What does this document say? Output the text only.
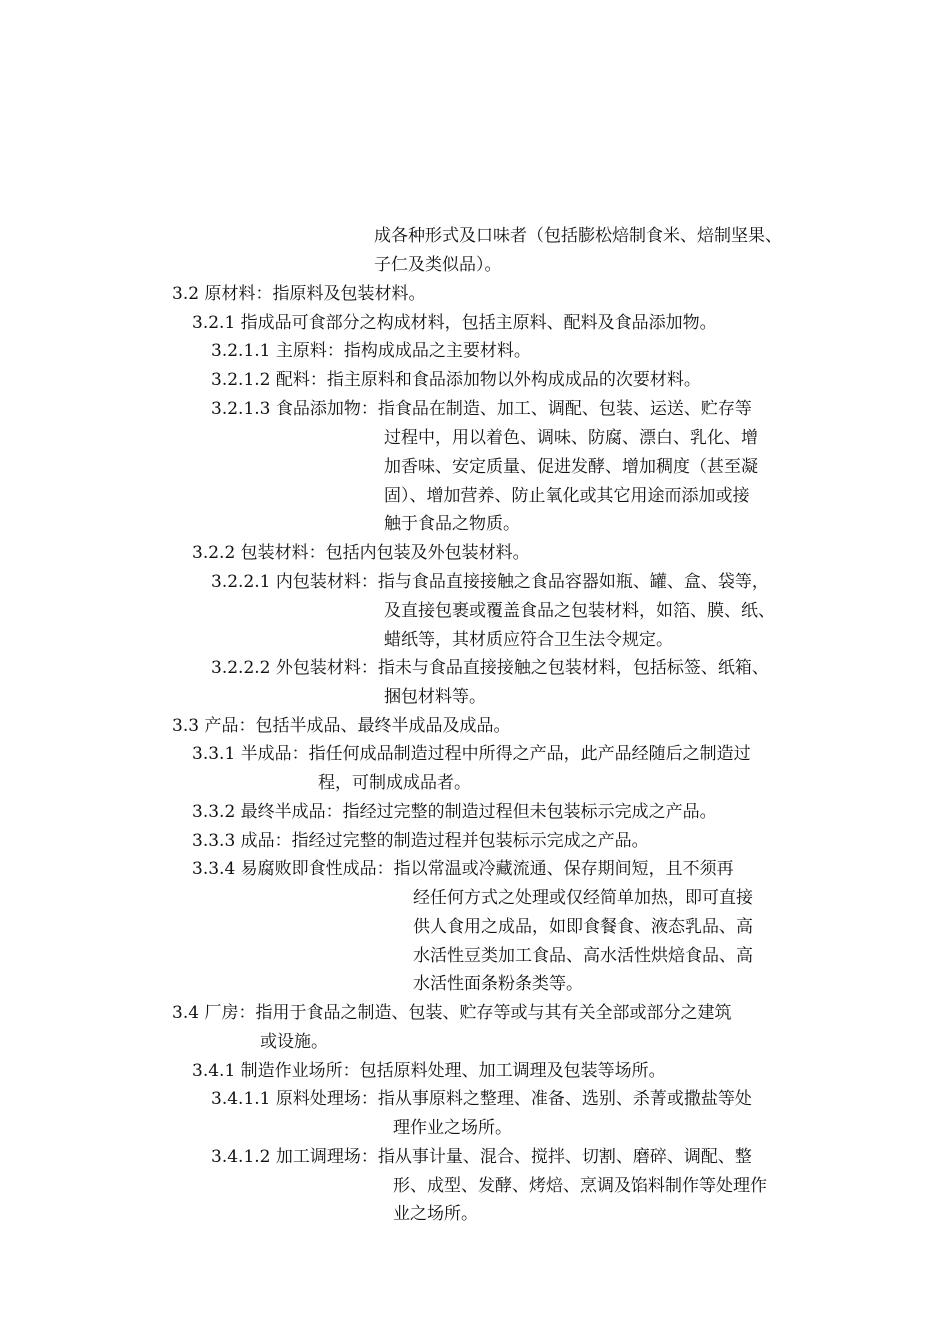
成各种形式及口味者（包括膨松焙制食米、焙制坚果、
子仁及类似品）。
3.2 原材料：指原料及包装材料。
3.2.1 指成品可食部分之构成材料，包括主原料、配料及食品添加物。
3.2.1.1 主原料：指构成成品之主要材料。
3.2.1.2 配料：指主原料和食品添加物以外构成成品的次要材料。
3.2.1.3 食品添加物：指食品在制造、加工、调配、包装、运送、贮存等
过程中，用以着色、调味、防腐、漂白、乳化、增
加香味、安定质量、促进发酵、增加稠度（甚至凝
固）、增加营养、防止氧化或其它用途而添加或接
触于食品之物质。
3.2.2 包装材料：包括内包装及外包装材料。
3.2.2.1 内包装材料：指与食品直接接触之食品容器如瓶、罐、盒、袋等，
及直接包裹或覆盖食品之包装材料，如箔、膜、纸、
蜡纸等，其材质应符合卫生法令规定。
3.2.2.2 外包装材料：指未与食品直接接触之包装材料，包括标签、纸箱、
捆包材料等。
3.3 产品：包括半成品、最终半成品及成品。
3.3.1 半成品：指任何成品制造过程中所得之产品，此产品经随后之制造过
程，可制成成品者。
3.3.2 最终半成品：指经过完整的制造过程但未包装标示完成之产品。
3.3.3 成品：指经过完整的制造过程并包装标示完成之产品。
3.3.4 易腐败即食性成品：指以常温或冷藏流通、保存期间短，且不须再
经任何方式之处理或仅经简单加热，即可直接
供人食用之成品，如即食餐食、液态乳品、高
水活性豆类加工食品、高水活性烘焙食品、高
水活性面条粉条类等。
3.4 厂房：指用于食品之制造、包装、贮存等或与其有关全部或部分之建筑
或设施。
3.4.1 制造作业场所：包括原料处理、加工调理及包装等场所。
3.4.1.1 原料处理场：指从事原料之整理、准备、选别、杀菁或撒盐等处
理作业之场所。
3.4.1.2 加工调理场：指从事计量、混合、搅拌、切割、磨碎、调配、整
形、成型、发酵、烤焙、烹调及馅料制作等处理作
业之场所。
